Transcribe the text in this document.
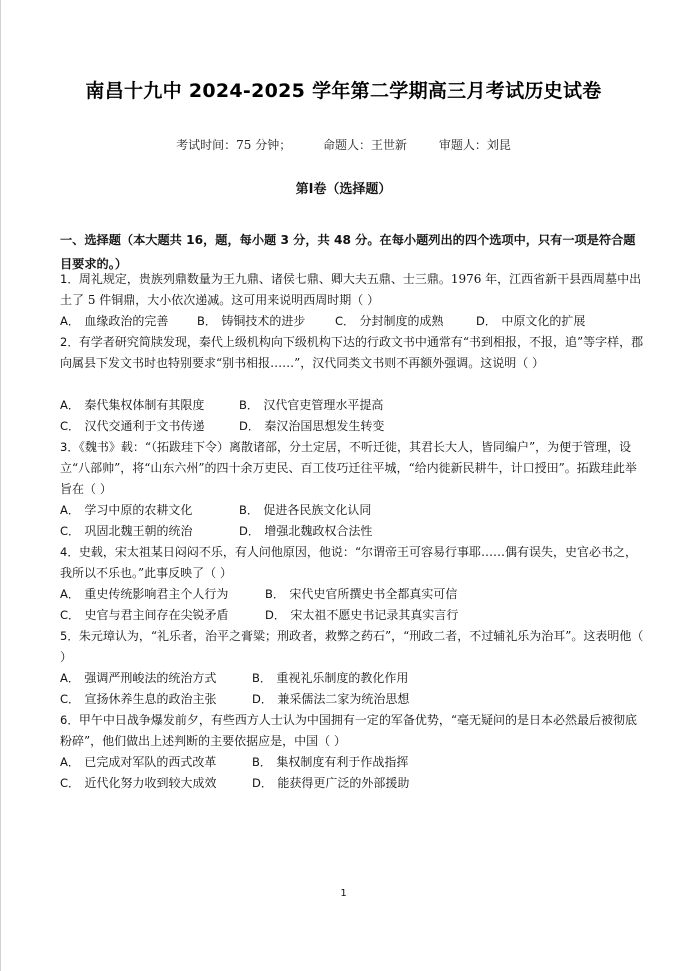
南昌十九中 2024-2025 学年第二学期高三月考试历史试卷
考试时间：75 分钟；	命题人：王世新	审题人：刘昆
第Ⅰ卷（选择题）
一、选择题（本大题共 16，题，每小题 3 分，共 48 分。在每小题列出的四个选项中，只有一项是符合题目要求的。）
1．周礼规定，贵族列鼎数量为王九鼎、诸侯七鼎、卿大夫五鼎、士三鼎。1976 年，江西省新干县西周墓中出土了 5 件铜鼎，大小依次递减。这可用来说明西周时期（ ）
A． 血缘政治的完善 B． 铸铜技术的进步	C． 分封制度的成熟	D． 中原文化的扩展
2．有学者研究简牍发现，秦代上级机构向下级机构下达的行政文书中通常有“书到相报，不报，追”等字样，郡向属县下发文书时也特别要求“别书相报……”，汉代同类文书则不再额外强调。这说明（ ）
A． 秦代集权体制有其限度	B． 汉代官吏管理水平提高
C． 汉代交通利于文书传递	D． 秦汉治国思想发生转变
3．《魏书》载：“（拓跋珪下令）离散诸部，分土定居，不听迁徙，其君长大人，皆同编户”，为便于管理，设立“八部帅”，将“山东六州”的四十余万吏民、百工伎巧迁往平城，“给内徙新民耕牛，计口授田”。拓跋珪此举旨在（ ）
A． 学习中原的农耕文化	B． 促进各民族文化认同
C． 巩固北魏王朝的统治	D． 增强北魏政权合法性
4．史载，宋太祖某日闷闷不乐，有人问他原因，他说：“尔谓帝王可容易行事耶……偶有误失，史官必书之，我所以不乐也。”此事反映了（ ）
A． 重史传统影响君主个人行为	B． 宋代史官所撰史书全都真实可信
C． 史官与君主间存在尖锐矛盾	D． 宋太祖不愿史书记录其真实言行
5．朱元璋认为，“礼乐者，治平之膏粱；刑政者，救弊之药石”，“刑政二者，不过辅礼乐为治耳”。这表明他（ ）
A． 强调严刑峻法的统治方式	B． 重视礼乐制度的教化作用
C． 宣扬休养生息的政治主张	D． 兼采儒法二家为统治思想
6．甲午中日战争爆发前夕，有些西方人士认为中国拥有一定的军备优势，“毫无疑问的是日本必然最后被彻底粉碎”，他们做出上述判断的主要依据应是，中国（ ）
A． 已完成对军队的西式改革	B． 集权制度有利于作战指挥
C． 近代化努力收到较大成效	D． 能获得更广泛的外部援助
1
